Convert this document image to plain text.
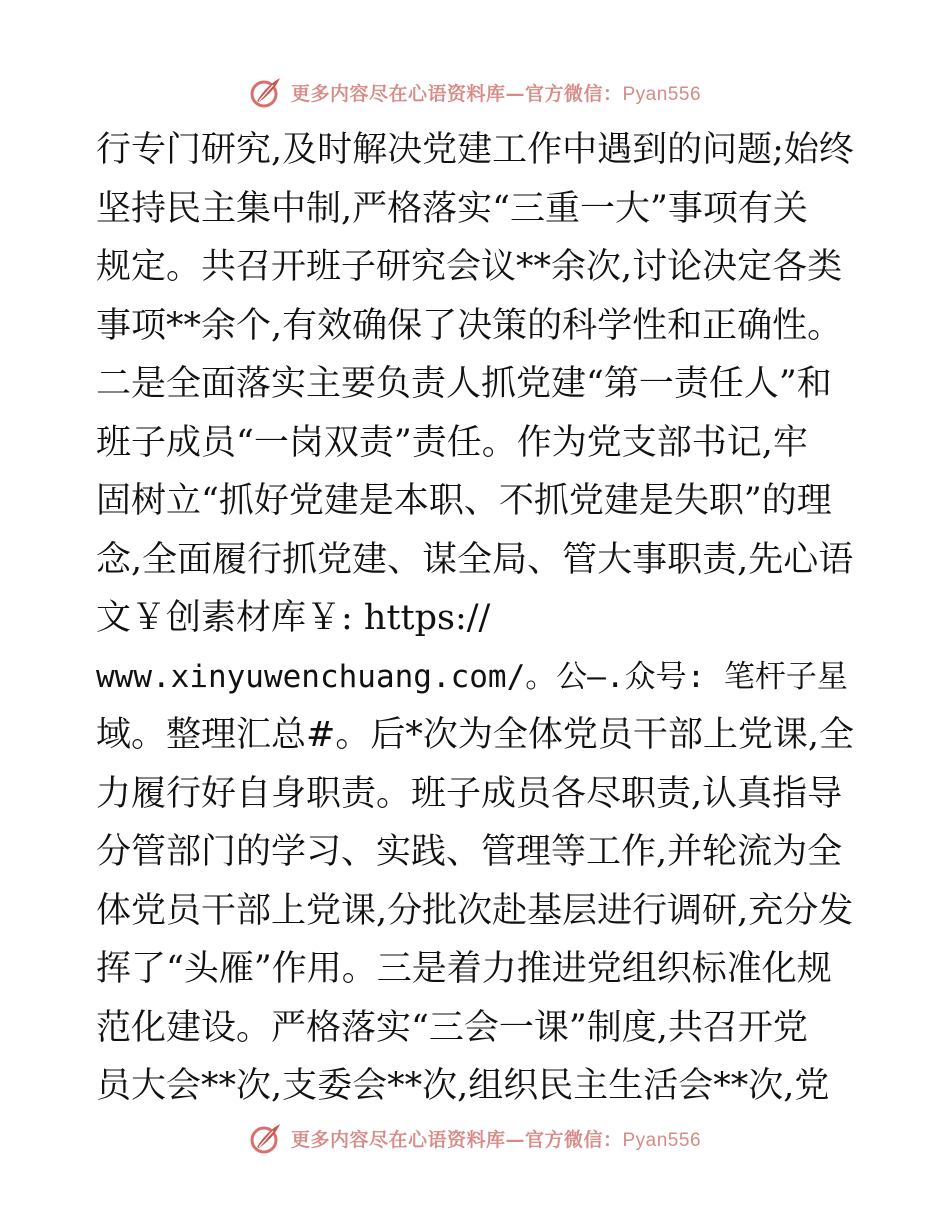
更多内容尽在心语资料库—官方微信：Pyan556
行专门研究,及时解决党建工作中遇到的问题;始终
坚持民主集中制,严格落实“三重一大”事项有关
规定。共召开班子研究会议**余次,讨论决定各类
事项**余个,有效确保了决策的科学性和正确性。
二是全面落实主要负责人抓党建“第一责任人”和
班子成员“一岗双责”责任。作为党支部书记,牢
固树立“抓好党建是本职、不抓党建是失职”的理
念,全面履行抓党建、谋全局、管大事职责,先心语
文￥创素材库￥: https://
www.xinyuwenchuang.com/。公—.众号: 笔杆子星
域。整理汇总#。后*次为全体党员干部上党课,全
力履行好自身职责。班子成员各尽职责,认真指导
分管部门的学习、实践、管理等工作,并轮流为全
体党员干部上党课,分批次赴基层进行调研,充分发
挥了“头雁”作用。三是着力推进党组织标准化规
范化建设。严格落实“三会一课”制度,共召开党
员大会**次,支委会**次,组织民主生活会**次,党
更多内容尽在心语资料库—官方微信：Pyan556
